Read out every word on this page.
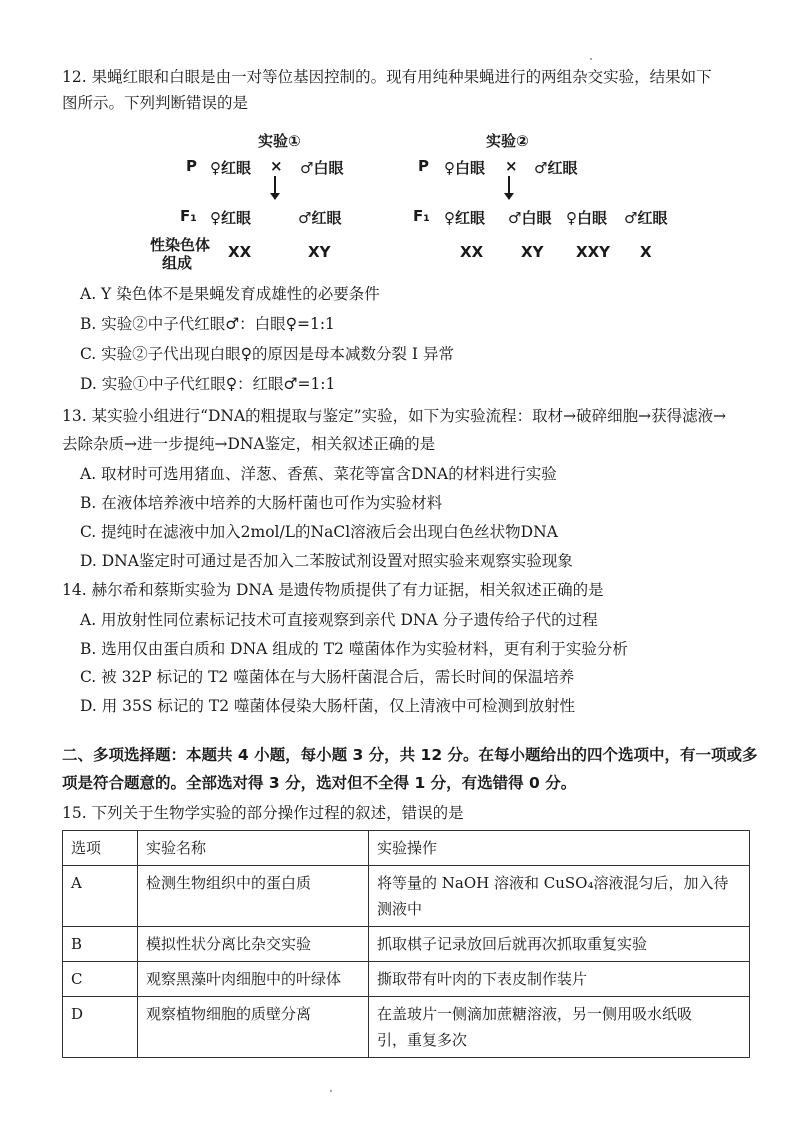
12. 果蝇红眼和白眼是由一对等位基因控制的。现有用纯种果蝇进行的两组杂交实验，结果如下
图所示。下列判断错误的是
实验①
P ♀红眼 × ♂白眼
F₁ ♀红眼	♂红眼
性染色体
组成
XX	XY
实验②
P ♀白眼 × ♂红眼
F₁ ♀红眼 ♂白眼 ♀白眼 ♂红眼
XX	XY XXY X
A. Y 染色体不是果蝇发育成雄性的必要条件
B. 实验②中子代红眼♂：白眼♀=1:1
C. 实验②子代出现白眼♀的原因是母本减数分裂 I 异常
D. 实验①中子代红眼♀：红眼♂=1:1
13. 某实验小组进行“DNA的粗提取与鉴定”实验，如下为实验流程：取材→破碎细胞→获得滤液→
去除杂质→进一步提纯→DNA鉴定，相关叙述正确的是
A. 取材时可选用猪血、洋葱、香蕉、菜花等富含DNA的材料进行实验
B. 在液体培养液中培养的大肠杆菌也可作为实验材料
C. 提纯时在滤液中加入2mol/L的NaCl溶液后会出现白色丝状物DNA
D. DNA鉴定时可通过是否加入二苯胺试剂设置对照实验来观察实验现象
14. 赫尔希和蔡斯实验为 DNA 是遗传物质提供了有力证据，相关叙述正确的是
A. 用放射性同位素标记技术可直接观察到亲代 DNA 分子遗传给子代的过程
B. 选用仅由蛋白质和 DNA 组成的 T2 噬菌体作为实验材料，更有利于实验分析
C. 被 32P 标记的 T2 噬菌体在与大肠杆菌混合后，需长时间的保温培养
D. 用 35S 标记的 T2 噬菌体侵染大肠杆菌，仅上清液中可检测到放射性
二、多项选择题：本题共 4 小题，每小题 3 分，共 12 分。在每小题给出的四个选项中，有一项或多
项是符合题意的。全部选对得 3 分，选对但不全得 1 分，有选错得 0 分。
15. 下列关于生物学实验的部分操作过程的叙述，错误的是
选项	实验名称	实验操作
A	检测生物组织中的蛋白质	将等量的 NaOH 溶液和 CuSO₄溶液混匀后，加入待
测液中

B	模拟性状分离比杂交实验	抓取棋子记录放回后就再次抓取重复实验
C	观察黑藻叶肉细胞中的叶绿体	撕取带有叶肉的下表皮制作装片
D	观察植物细胞的质壁分离	在盖玻片一侧滴加蔗糖溶液，另一侧用吸水纸吸
引，重复多次
